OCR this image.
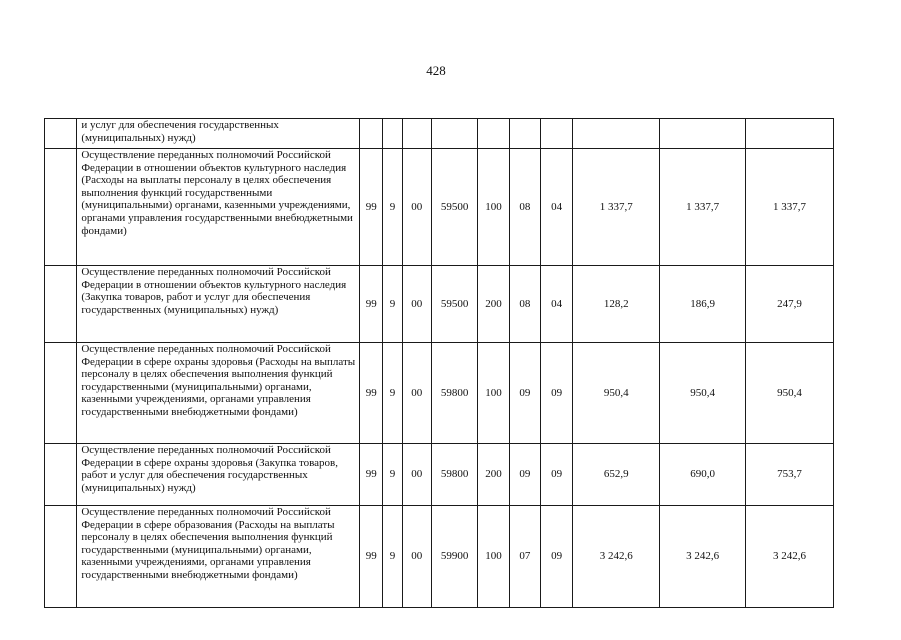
428
	и услуг для обеспечения государственных (муниципальных) нужд)										
	Осуществление переданных полномочий Российской Федерации в отношении объектов культурного наследия (Расходы на выплаты персоналу в целях обеспечения выполнения функций государственными (муниципальными) органами, казенными учреждениями, органами управления государственными внебюджетными фондами)	99	9	00	59500	100	08	04	1 337,7	1 337,7	1 337,7
	Осуществление переданных полномочий Российской Федерации в отношении объектов культурного наследия (Закупка товаров, работ и услуг для обеспечения государственных (муниципальных) нужд)	99	9	00	59500	200	08	04	128,2	186,9	247,9
	Осуществление переданных полномочий Российской Федерации в сфере охраны здоровья (Расходы на выплаты персоналу в целях обеспечения выполнения функций государственными (муниципальными) органами, казенными учреждениями, органами управления государственными внебюджетными фондами)	99	9	00	59800	100	09	09	950,4	950,4	950,4
	Осуществление переданных полномочий Российской Федерации в сфере охраны здоровья (Закупка товаров, работ и услуг для обеспечения государственных (муниципальных) нужд)	99	9	00	59800	200	09	09	652,9	690,0	753,7
	Осуществление переданных полномочий Российской Федерации в сфере образования (Расходы на выплаты персоналу в целях обеспечения выполнения функций государственными (муниципальными) органами, казенными учреждениями, органами управления государственными внебюджетными фондами)	99	9	00	59900	100	07	09	3 242,6	3 242,6	3 242,6
